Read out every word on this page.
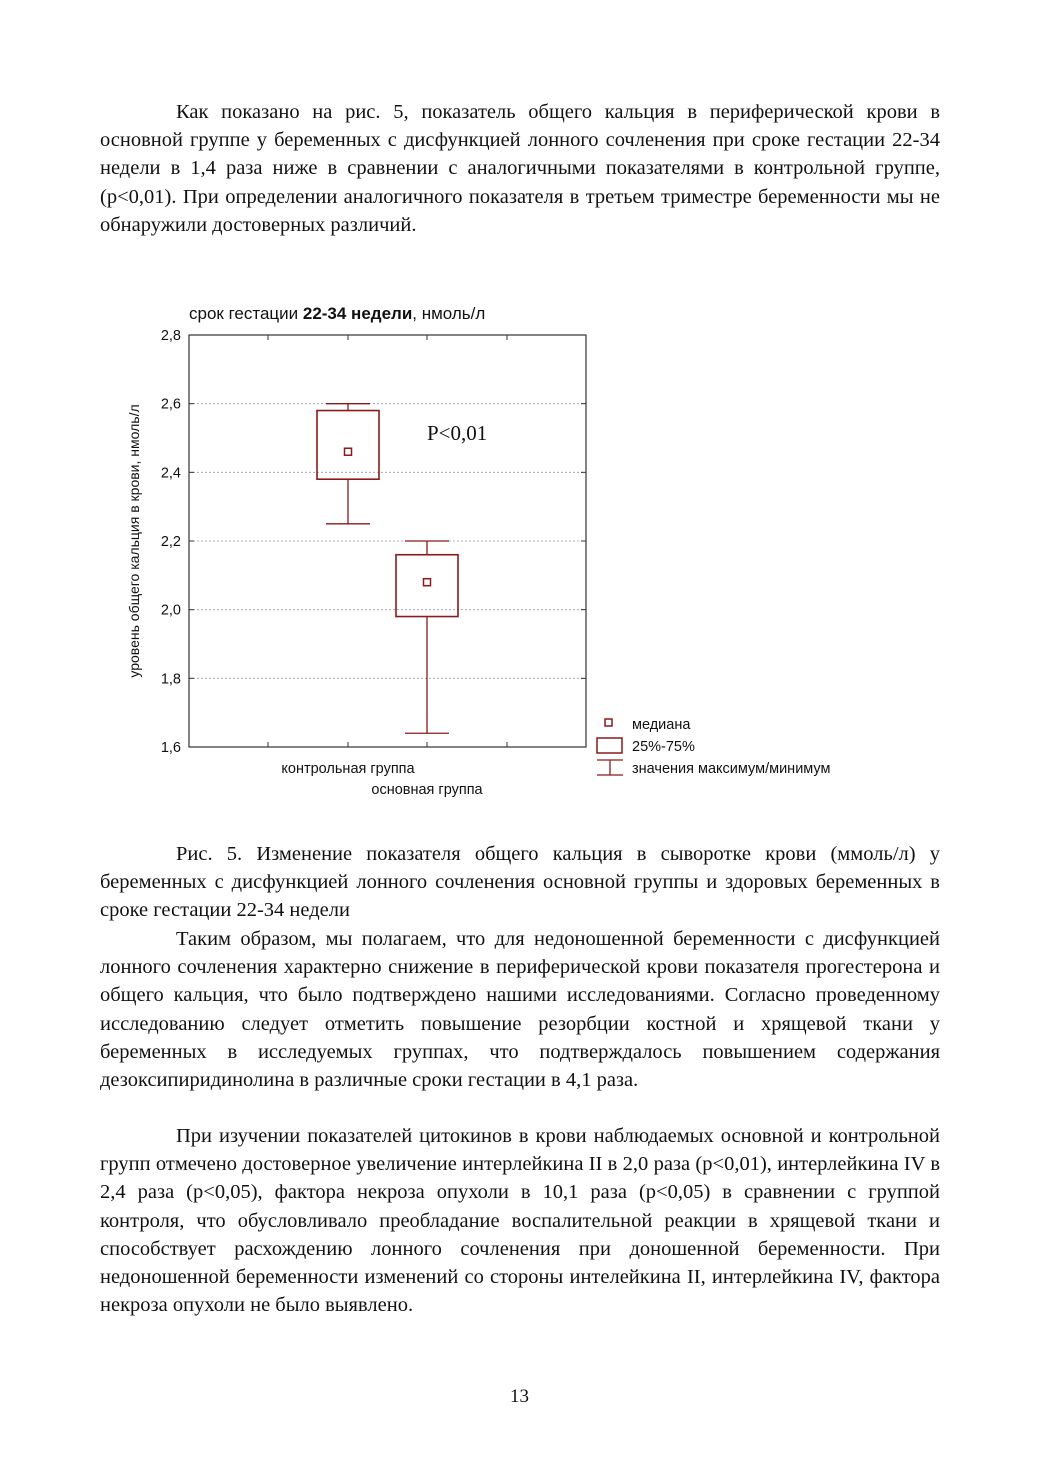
Как показано на рис. 5, показатель общего кальция в периферической крови в основной группе у беременных с дисфункцией лонного сочленения при сроке гестации 22-34 недели в 1,4 раза ниже в сравнении с аналогичными показателями в контрольной группе, (р<0,01). При определении аналогичного показателя в третьем триместре беременности мы не обнаружили достоверных различий.

1,6
1,8
2,0
2,2
2,4
2,6
2,8
срок гестации 22-34 недели, нмоль/л
уровень общего кальция в крови, нмоль/л	P<0,01
контрольная группа
основная группа
медиана
25%-75%
значения максимум/минимум

Рис. 5. Изменение показателя общего кальция в сыворотке крови (ммоль/л) у беременных с дисфункцией лонного сочленения основной группы и здоровых беременных в сроке гестации 22-34 недели

Таким образом, мы полагаем, что для недоношенной беременности с дисфункцией лонного сочленения характерно снижение в периферической крови показателя прогестерона и общего кальция, что было подтверждено нашими исследованиями. Согласно проведенному исследованию следует отметить повышение резорбции костной и хрящевой ткани у беременных в исследуемых группах, что подтверждалось повышением содержания дезоксипиридинолина в различные сроки гестации в 4,1 раза.

При изучении показателей цитокинов в крови наблюдаемых основной и контрольной групп отмечено достоверное увеличение интерлейкина II в 2,0 раза (p<0,01), интерлейкина IV в 2,4 раза (p<0,05), фактора некроза опухоли в 10,1 раза (p<0,05) в сравнении с группой контроля, что обусловливало преобладание воспалительной реакции в хрящевой ткани и способствует расхождению лонного сочленения при доношенной беременности. При недоношенной беременности изменений со стороны интелейкина II, интерлейкина IV, фактора некроза опухоли не было выявлено.

13
